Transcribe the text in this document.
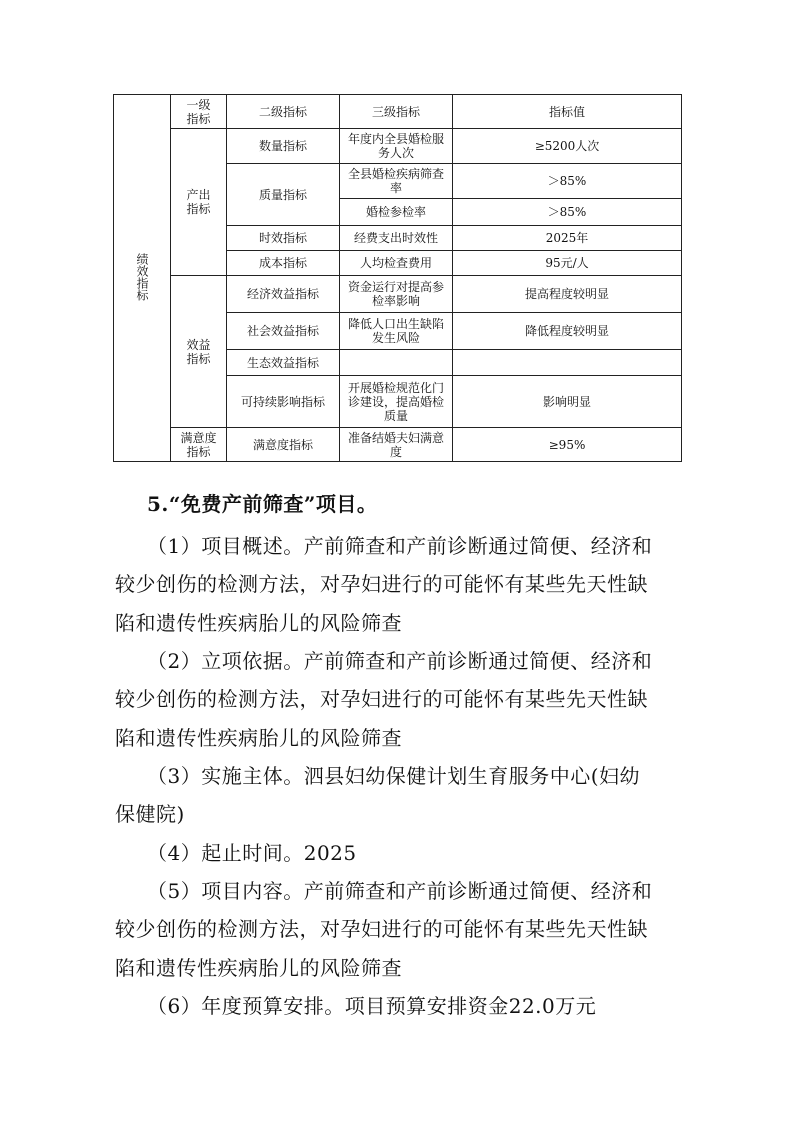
绩效指标	一级指标	二级指标	三级指标	指标值
	产出指标	数量指标	年度内全县婚检服务人次	≥5200人次
		质量指标	全县婚检疾病筛查率	＞85%
			婚检参检率	＞85%
		时效指标	经费支出时效性	2025年
		成本指标	人均检查费用	95元/人
	效益指标	经济效益指标	资金运行对提高参检率影响	提高程度较明显
		社会效益指标	降低人口出生缺陷发生风险	降低程度较明显
		生态效益指标		
		可持续影响指标	开展婚检规范化门诊建设，提高婚检质量	影响明显
	满意度指标	满意度指标	准备结婚夫妇满意度	≥95%
5.“免费产前筛查”项目。
（1）项目概述。产前筛查和产前诊断通过简便、经济和
较少创伤的检测方法，对孕妇进行的可能怀有某些先天性缺
陷和遗传性疾病胎儿的风险筛查
（2）立项依据。产前筛查和产前诊断通过简便、经济和
较少创伤的检测方法，对孕妇进行的可能怀有某些先天性缺
陷和遗传性疾病胎儿的风险筛查
（3）实施主体。泗县妇幼保健计划生育服务中心(妇幼
保健院)
（4）起止时间。2025
（5）项目内容。产前筛查和产前诊断通过简便、经济和
较少创伤的检测方法，对孕妇进行的可能怀有某些先天性缺
陷和遗传性疾病胎儿的风险筛查
（6）年度预算安排。项目预算安排资金22.0万元
